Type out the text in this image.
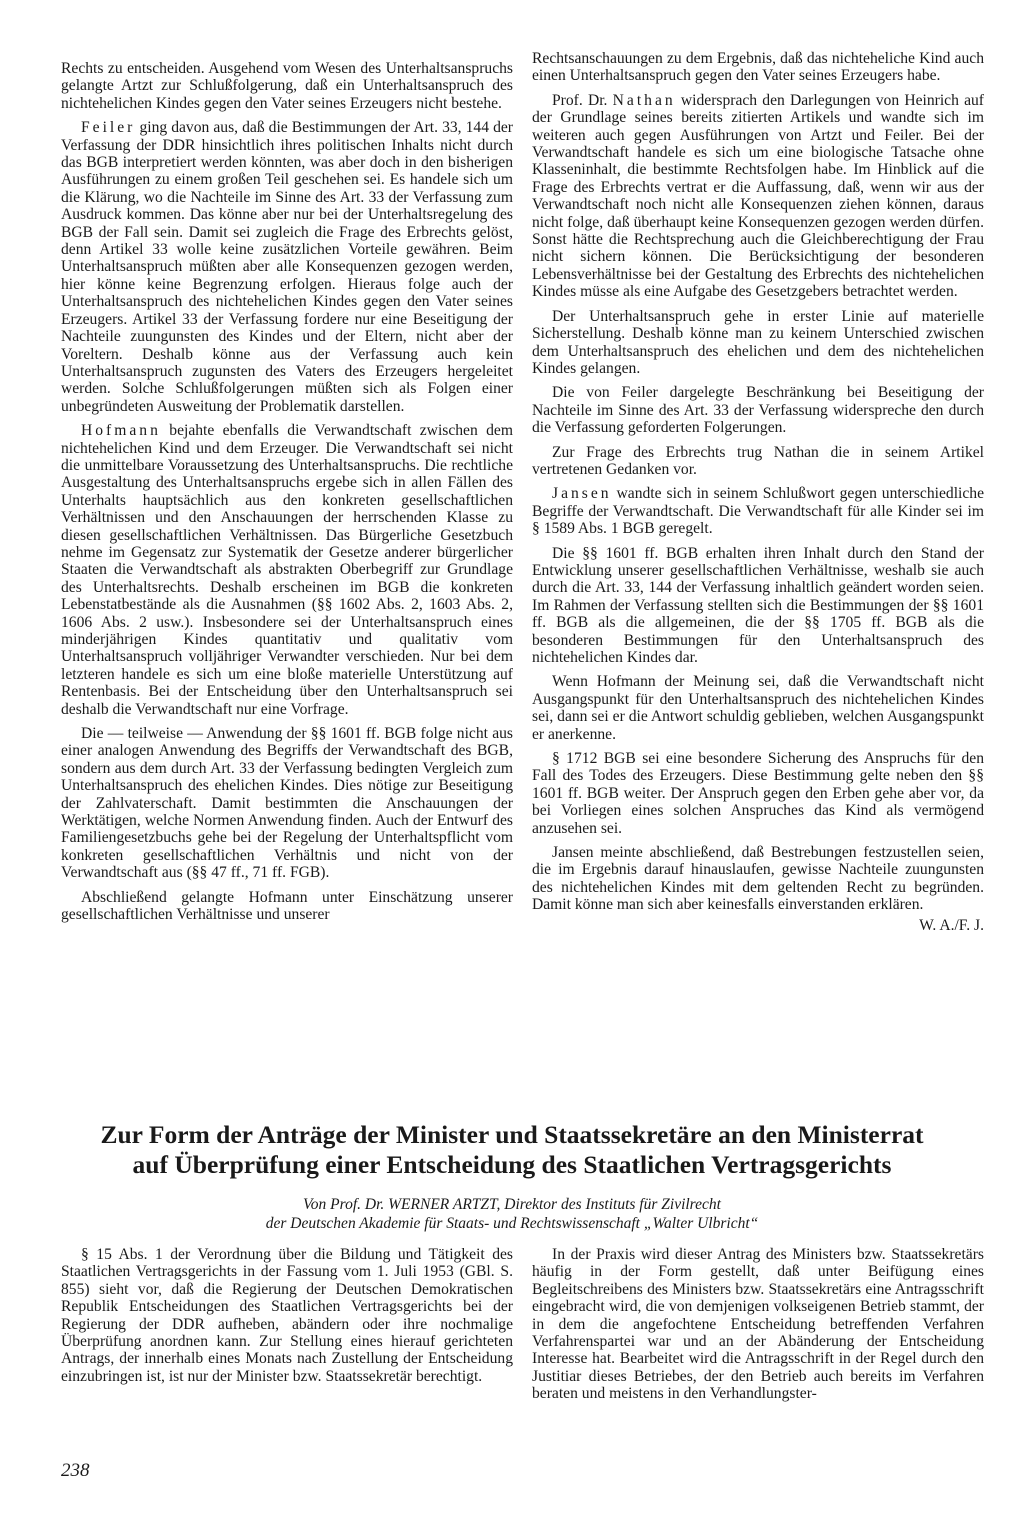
Rechts zu entscheiden. Ausgehend vom Wesen des Unterhaltsanspruchs gelangte Artzt zur Schlußfolgerung, daß ein Unterhaltsanspruch des nichtehelichen Kindes gegen den Vater seines Erzeugers nicht bestehe.

Feiler ging davon aus, daß die Bestimmungen der Art. 33, 144 der Verfassung der DDR hinsichtlich ihres politischen Inhalts nicht durch das BGB interpretiert werden könnten, was aber doch in den bisherigen Ausführungen zu einem großen Teil geschehen sei. Es handele sich um die Klärung, wo die Nachteile im Sinne des Art. 33 der Verfassung zum Ausdruck kommen. Das könne aber nur bei der Unterhaltsregelung des BGB der Fall sein. Damit sei zugleich die Frage des Erbrechts gelöst, denn Artikel 33 wolle keine zusätzlichen Vorteile gewähren. Beim Unterhaltsanspruch müßten aber alle Konsequenzen gezogen werden, hier könne keine Begrenzung erfolgen. Hieraus folge auch der Unterhaltsanspruch des nichtehelichen Kindes gegen den Vater seines Erzeugers. Artikel 33 der Verfassung fordere nur eine Beseitigung der Nachteile zuungunsten des Kindes und der Eltern, nicht aber der Voreltern. Deshalb könne aus der Verfassung auch kein Unterhaltsanspruch zugunsten des Vaters des Erzeugers hergeleitet werden. Solche Schlußfolgerungen müßten sich als Folgen einer unbegründeten Ausweitung der Problematik darstellen.

Hofmann bejahte ebenfalls die Verwandtschaft zwischen dem nichtehelichen Kind und dem Erzeuger. Die Verwandtschaft sei nicht die unmittelbare Voraussetzung des Unterhaltsanspruchs. Die rechtliche Ausgestaltung des Unterhaltsanspruchs ergebe sich in allen Fällen des Unterhalts hauptsächlich aus den konkreten gesellschaftlichen Verhältnissen und den Anschauungen der herrschenden Klasse zu diesen gesellschaftlichen Verhältnissen. Das Bürgerliche Gesetzbuch nehme im Gegensatz zur Systematik der Gesetze anderer bürgerlicher Staaten die Verwandtschaft als abstrakten Oberbegriff zur Grundlage des Unterhaltsrechts. Deshalb erscheinen im BGB die konkreten Lebenstatbestände als die Ausnahmen (§§ 1602 Abs. 2, 1603 Abs. 2, 1606 Abs. 2 usw.). Insbesondere sei der Unterhaltsanspruch eines minderjährigen Kindes quantitativ und qualitativ vom Unterhaltsanspruch volljähriger Verwandter verschieden. Nur bei dem letzteren handele es sich um eine bloße materielle Unterstützung auf Rentenbasis. Bei der Entscheidung über den Unterhaltsanspruch sei deshalb die Verwandtschaft nur eine Vorfrage.

Die — teilweise — Anwendung der §§ 1601 ff. BGB folge nicht aus einer analogen Anwendung des Begriffs der Verwandtschaft des BGB, sondern aus dem durch Art. 33 der Verfassung bedingten Vergleich zum Unterhaltsanspruch des ehelichen Kindes. Dies nötige zur Beseitigung der Zahlvaterschaft. Damit bestimmten die Anschauungen der Werktätigen, welche Normen Anwendung finden. Auch der Entwurf des Familiengesetzbuchs gehe bei der Regelung der Unterhaltspflicht vom konkreten gesellschaftlichen Verhältnis und nicht von der Verwandtschaft aus (§§ 47 ff., 71 ff. FGB).

Abschließend gelangte Hofmann unter Einschätzung unserer gesellschaftlichen Verhältnisse und unserer

Rechtsanschauungen zu dem Ergebnis, daß das nichteheliche Kind auch einen Unterhaltsanspruch gegen den Vater seines Erzeugers habe.

Prof. Dr. Nathan widersprach den Darlegungen von Heinrich auf der Grundlage seines bereits zitierten Artikels und wandte sich im weiteren auch gegen Ausführungen von Artzt und Feiler. Bei der Verwandtschaft handele es sich um eine biologische Tatsache ohne Klasseninhalt, die bestimmte Rechtsfolgen habe. Im Hinblick auf die Frage des Erbrechts vertrat er die Auffassung, daß, wenn wir aus der Verwandtschaft noch nicht alle Konsequenzen ziehen können, daraus nicht folge, daß überhaupt keine Konsequenzen gezogen werden dürfen. Sonst hätte die Rechtsprechung auch die Gleichberechtigung der Frau nicht sichern können. Die Berücksichtigung der besonderen Lebensverhältnisse bei der Gestaltung des Erbrechts des nichtehelichen Kindes müsse als eine Aufgabe des Gesetzgebers betrachtet werden.

Der Unterhaltsanspruch gehe in erster Linie auf materielle Sicherstellung. Deshalb könne man zu keinem Unterschied zwischen dem Unterhaltsanspruch des ehelichen und dem des nichtehelichen Kindes gelangen.

Die von Feiler dargelegte Beschränkung bei Beseitigung der Nachteile im Sinne des Art. 33 der Verfassung widerspreche den durch die Verfassung geforderten Folgerungen.

Zur Frage des Erbrechts trug Nathan die in seinem Artikel vertretenen Gedanken vor.

Jansen wandte sich in seinem Schlußwort gegen unterschiedliche Begriffe der Verwandtschaft. Die Verwandtschaft für alle Kinder sei im § 1589 Abs. 1 BGB geregelt.

Die §§ 1601 ff. BGB erhalten ihren Inhalt durch den Stand der Entwicklung unserer gesellschaftlichen Verhältnisse, weshalb sie auch durch die Art. 33, 144 der Verfassung inhaltlich geändert worden seien. Im Rahmen der Verfassung stellten sich die Bestimmungen der §§ 1601 ff. BGB als die allgemeinen, die der §§ 1705 ff. BGB als die besonderen Bestimmungen für den Unterhaltsanspruch des nichtehelichen Kindes dar.

Wenn Hofmann der Meinung sei, daß die Verwandtschaft nicht Ausgangspunkt für den Unterhaltsanspruch des nichtehelichen Kindes sei, dann sei er die Antwort schuldig geblieben, welchen Ausgangspunkt er anerkenne.

§ 1712 BGB sei eine besondere Sicherung des Anspruchs für den Fall des Todes des Erzeugers. Diese Bestimmung gelte neben den §§ 1601 ff. BGB weiter. Der Anspruch gegen den Erben gehe aber vor, da bei Vorliegen eines solchen Anspruches das Kind als vermögend anzusehen sei.

Jansen meinte abschließend, daß Bestrebungen festzustellen seien, die im Ergebnis darauf hinauslaufen, gewisse Nachteile zuungunsten des nichtehelichen Kindes mit dem geltenden Recht zu begründen. Damit könne man sich aber keinesfalls einverstanden erklären.

W. A./F. J.
Zur Form der Anträge der Minister und Staatssekretäre an den Ministerrat
auf Überprüfung einer Entscheidung des Staatlichen Vertragsgerichts
Von Prof. Dr. WERNER ARTZT, Direktor des Instituts für Zivilrecht
der Deutschen Akademie für Staats- und Rechtswissenschaft „Walter Ulbricht“

§ 15 Abs. 1 der Verordnung über die Bildung und Tätigkeit des Staatlichen Vertragsgerichts in der Fassung vom 1. Juli 1953 (GBl. S. 855) sieht vor, daß die Regierung der Deutschen Demokratischen Republik Entscheidungen des Staatlichen Vertragsgerichts bei der Regierung der DDR aufheben, abändern oder ihre nochmalige Überprüfung anordnen kann. Zur Stellung eines hierauf gerichteten Antrags, der innerhalb eines Monats nach Zustellung der Entscheidung einzubringen ist, ist nur der Minister bzw. Staatssekretär berechtigt.

In der Praxis wird dieser Antrag des Ministers bzw. Staatssekretärs häufig in der Form gestellt, daß unter Beifügung eines Begleitschreibens des Ministers bzw. Staatssekretärs eine Antragsschrift eingebracht wird, die von demjenigen volkseigenen Betrieb stammt, der in dem die angefochtene Entscheidung betreffenden Verfahren Verfahrenspartei war und an der Abänderung der Entscheidung Interesse hat. Bearbeitet wird die Antragsschrift in der Regel durch den Justitiar dieses Betriebes, der den Betrieb auch bereits im Verfahren beraten und meistens in den Verhandlungster-

238
